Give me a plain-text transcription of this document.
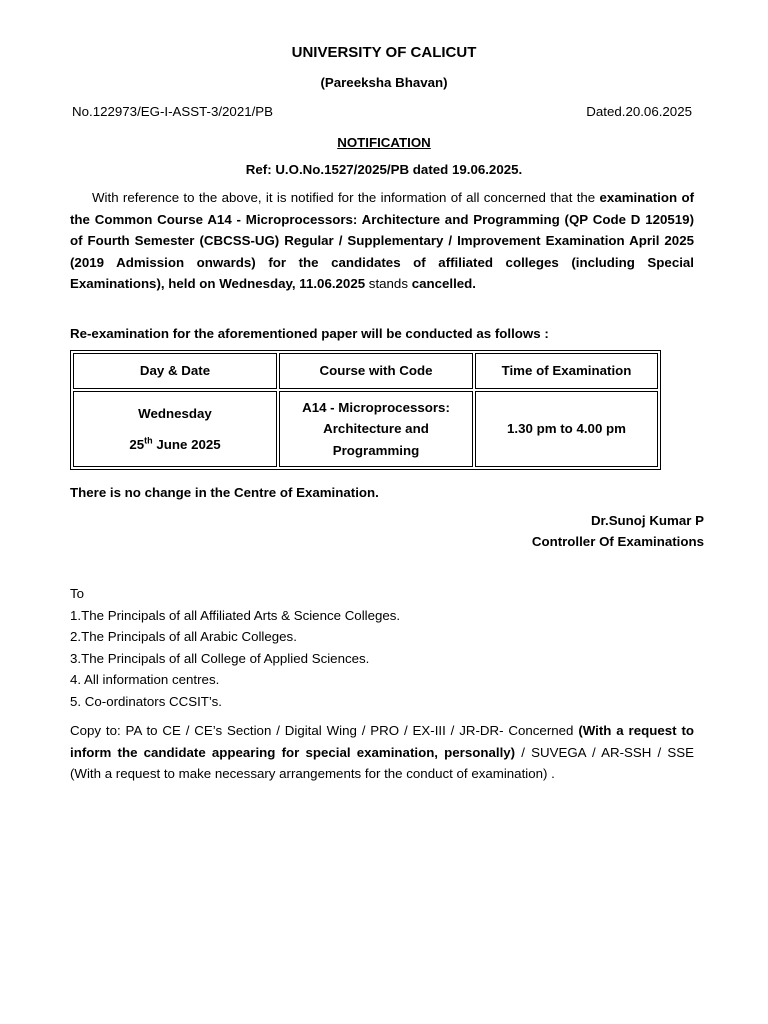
UNIVERSITY OF CALICUT
(Pareeksha Bhavan)
No.122973/EG-I-ASST-3/2021/PB	Dated.20.06.2025
NOTIFICATION
Ref: U.O.No.1527/2025/PB dated 19.06.2025.
With reference to the above, it is notified for the information of all concerned that the examination of the Common Course A14 - Microprocessors: Architecture and Programming (QP Code D 120519) of Fourth Semester (CBCSS-UG) Regular / Supplementary / Improvement Examination April 2025 (2019 Admission onwards) for the candidates of affiliated colleges (including Special Examinations), held on Wednesday, 11.06.2025 stands cancelled.
Re-examination for the aforementioned paper will be conducted as follows :
Day & Date	Course with Code	Time of Examination

Wednesday
25th June 2025	A14 - Microprocessors: Architecture and Programming	1.30 pm to 4.00 pm
There is no change in the Centre of Examination.
Dr.Sunoj Kumar P
Controller Of Examinations
To
1.The Principals of all Affiliated Arts & Science Colleges.
2.The Principals of all Arabic Colleges.
3.The Principals of all College of Applied Sciences.
4. All information centres.
5. Co-ordinators CCSIT’s.
Copy to: PA to CE / CE’s Section / Digital Wing / PRO / EX-III / JR-DR- Concerned (With a request to inform the candidate appearing for special examination, personally) / SUVEGA / AR-SSH / SSE (With a request to make necessary arrangements for the conduct of examination) .
